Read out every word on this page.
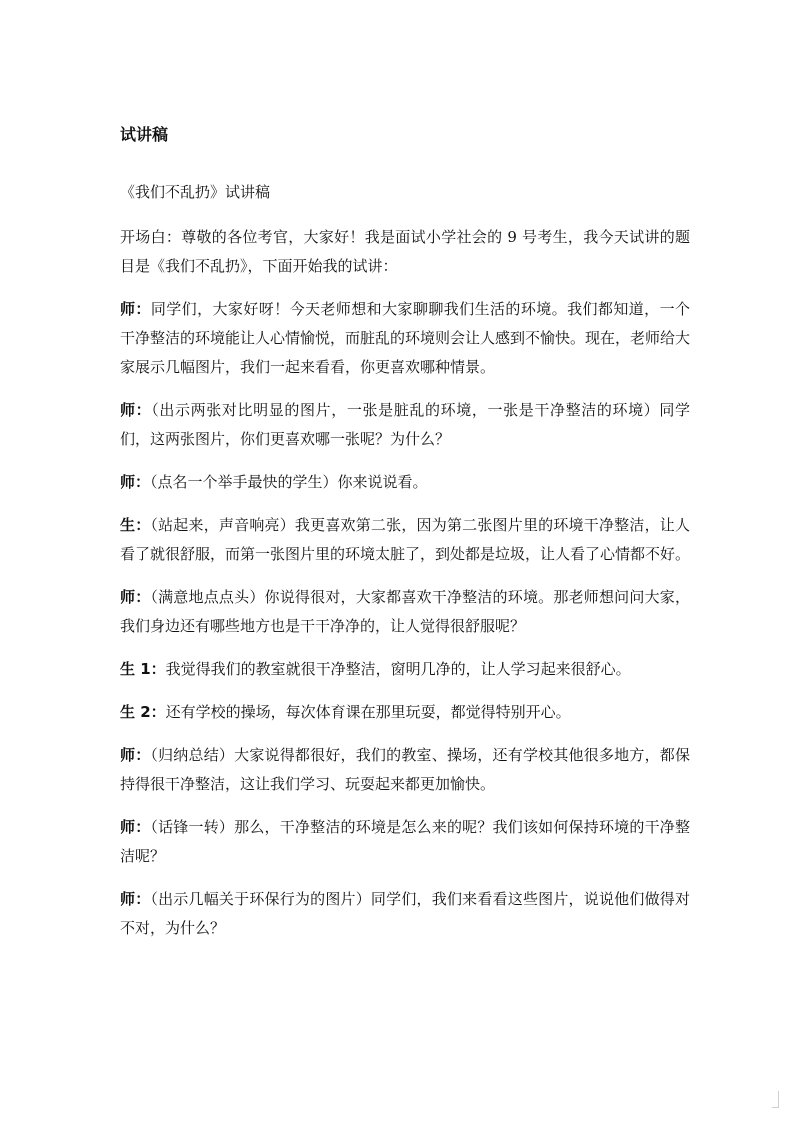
试讲稿

《我们不乱扔》试讲稿

开场白：尊敬的各位考官，大家好！我是面试小学社会的 9 号考生，我今天试讲的题目是《我们不乱扔》，下面开始我的试讲：

师：同学们，大家好呀！今天老师想和大家聊聊我们生活的环境。我们都知道，一个干净整洁的环境能让人心情愉悦，而脏乱的环境则会让人感到不愉快。现在，老师给大家展示几幅图片，我们一起来看看，你更喜欢哪种情景。

师：（出示两张对比明显的图片，一张是脏乱的环境，一张是干净整洁的环境）同学们，这两张图片，你们更喜欢哪一张呢？为什么？

师：（点名一个举手最快的学生）你来说说看。

生：（站起来，声音响亮）我更喜欢第二张，因为第二张图片里的环境干净整洁，让人看了就很舒服，而第一张图片里的环境太脏了，到处都是垃圾，让人看了心情都不好。

师：（满意地点点头）你说得很对，大家都喜欢干净整洁的环境。那老师想问问大家，我们身边还有哪些地方也是干干净净的，让人觉得很舒服呢？

生 1：我觉得我们的教室就很干净整洁，窗明几净的，让人学习起来很舒心。

生 2：还有学校的操场，每次体育课在那里玩耍，都觉得特别开心。

师：（归纳总结）大家说得都很好，我们的教室、操场，还有学校其他很多地方，都保持得很干净整洁，这让我们学习、玩耍起来都更加愉快。

师：（话锋一转）那么，干净整洁的环境是怎么来的呢？我们该如何保持环境的干净整洁呢？

师：（出示几幅关于环保行为的图片）同学们，我们来看看这些图片，说说他们做得对不对，为什么？
